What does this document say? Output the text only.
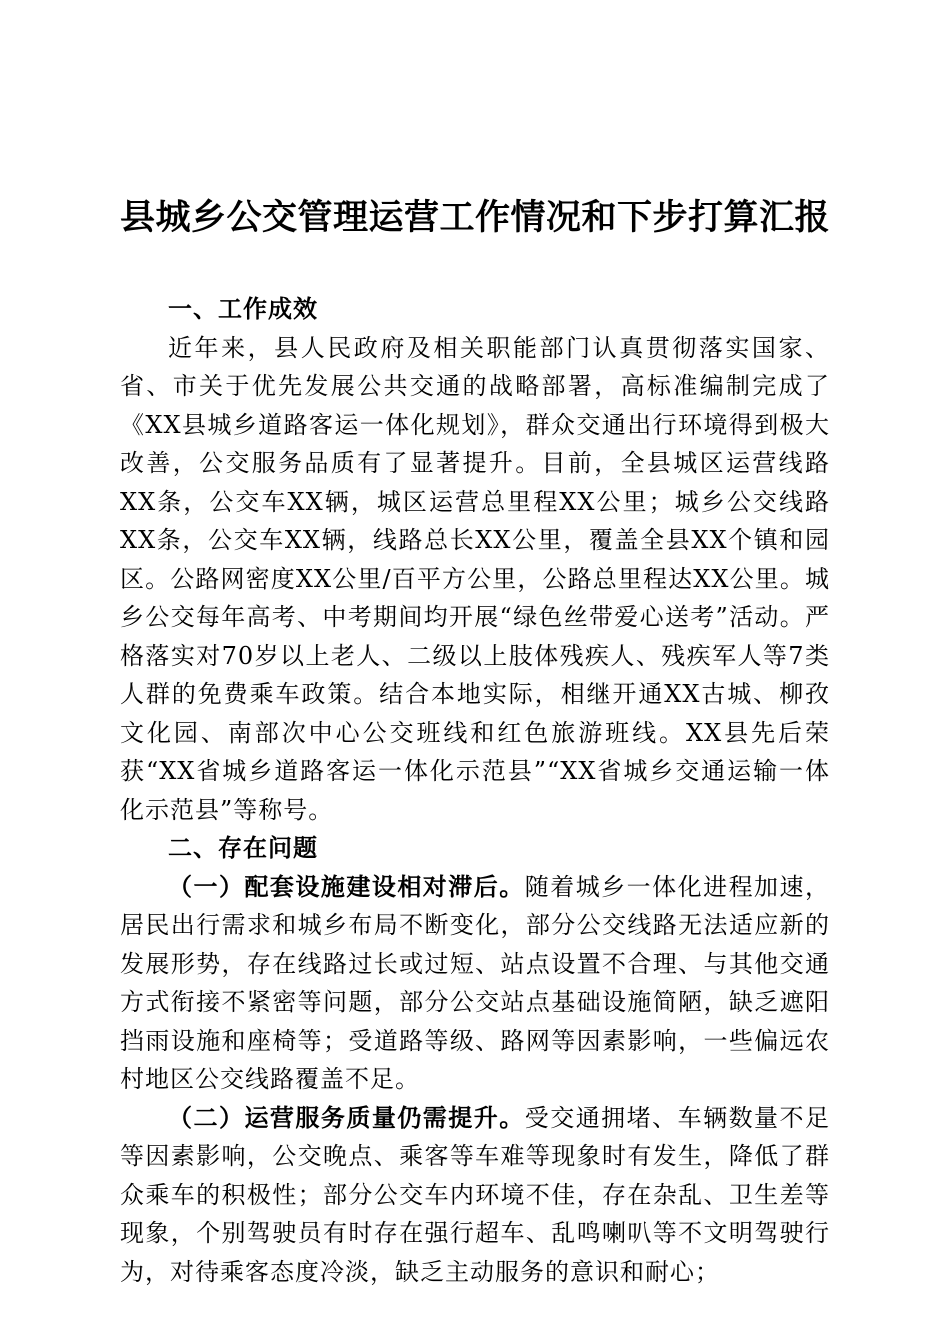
县城乡公交管理运营工作情况和下步打算汇报

一、工作成效

近年来，县人民政府及相关职能部门认真贯彻落实国家、省、市关于优先发展公共交通的战略部署，高标准编制完成了《XX县城乡道路客运一体化规划》，群众交通出行环境得到极大改善，公交服务品质有了显著提升。目前，全县城区运营线路XX条，公交车XX辆，城区运营总里程XX公里；城乡公交线路XX条，公交车XX辆，线路总长XX公里，覆盖全县XX个镇和园区。公路网密度XX公里/百平方公里，公路总里程达XX公里。城乡公交每年高考、中考期间均开展“绿色丝带爱心送考”活动。严格落实对70岁以上老人、二级以上肢体残疾人、残疾军人等7类人群的免费乘车政策。结合本地实际，相继开通XX古城、柳孜文化园、南部次中心公交班线和红色旅游班线。XX县先后荣获“XX省城乡道路客运一体化示范县”“XX省城乡交通运输一体化示范县”等称号。

二、存在问题

（一）配套设施建设相对滞后。随着城乡一体化进程加速，居民出行需求和城乡布局不断变化，部分公交线路无法适应新的发展形势，存在线路过长或过短、站点设置不合理、与其他交通方式衔接不紧密等问题，部分公交站点基础设施简陋，缺乏遮阳挡雨设施和座椅等；受道路等级、路网等因素影响，一些偏远农村地区公交线路覆盖不足。

（二）运营服务质量仍需提升。受交通拥堵、车辆数量不足等因素影响，公交晚点、乘客等车难等现象时有发生，降低了群众乘车的积极性；部分公交车内环境不佳，存在杂乱、卫生差等现象，个别驾驶员有时存在强行超车、乱鸣喇叭等不文明驾驶行为，对待乘客态度冷淡，缺乏主动服务的意识和耐心；
